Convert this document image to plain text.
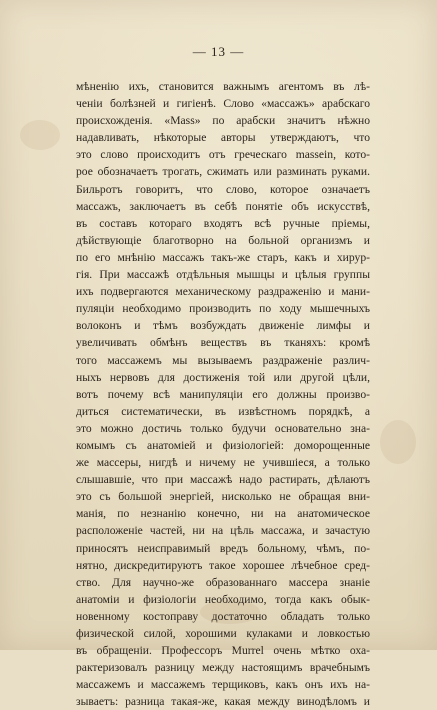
— 13 —
мѣненію ихъ, становится важнымъ агентомъ въ лѣ-
ченіи болѣзней и гигіенѣ. Слово «массажъ» арабскаго
происхожденія. «Mass» по арабски значитъ нѣжно
надавливать, нѣкоторые авторы утверждаютъ, что
это слово происходитъ отъ греческаго massein, кото-
рое обозначаетъ трогать, сжимать или разминать руками.
Бильротъ говоритъ, что слово, которое означаетъ
массажъ, заключаетъ въ себѣ понятіе объ искусствѣ,
въ составъ котораго входятъ всѣ ручные пріемы,
дѣйствующіе благотворно на больной организмъ и
по его мнѣнію массажъ такъ-же старъ, какъ и хирур-
гія. При массажѣ отдѣльныя мышцы и цѣлыя группы
ихъ подвергаются механическому раздраженію и мани-
пуляціи необходимо производить по ходу мышечныхъ
волоконъ и тѣмъ возбуждать движеніе лимфы и
увеличивать обмѣнъ веществъ въ тканяхъ: кромѣ
того массажемъ мы вызываемъ раздраженіе различ-
ныхъ нервовъ для достиженія той или другой цѣли,
вотъ почему всѣ манипуляціи его должны произво-
диться систематически, въ извѣстномъ порядкѣ, а
это можно достичь только будучи основательно зна-
комымъ съ анатоміей и физіологіей: доморощенные
же массеры, нигдѣ и ничему не учившiеся, а только
слышавшіе, что при массажѣ надо растирать, дѣлаютъ
это съ большой энергіей, нисколько не обращая вни-
манія, по незнанію конечно, ни на анатомическое
расположеніе частей, ни на цѣль массажа, и зачастую
приносятъ неисправимый вредъ больному, чѣмъ, по-
нятно, дискредитируютъ такое хорошее лѣчебное сред-
ство. Для научно-же образованнаго массера знаніе
анатоміи и физіологіи необходимо, тогда какъ обык-
новенному костоправу достаточно обладать только
физической силой, хорошими кулаками и ловкостью
въ обращеніи. Профессоръ Murrel очень мѣтко оха-
рактеризовалъ разницу между настоящимъ врачебнымъ
массажемъ и массажемъ терщиковъ, какъ онъ ихъ на-
зываетъ: разница такая-же, какая между винодѣломъ и
